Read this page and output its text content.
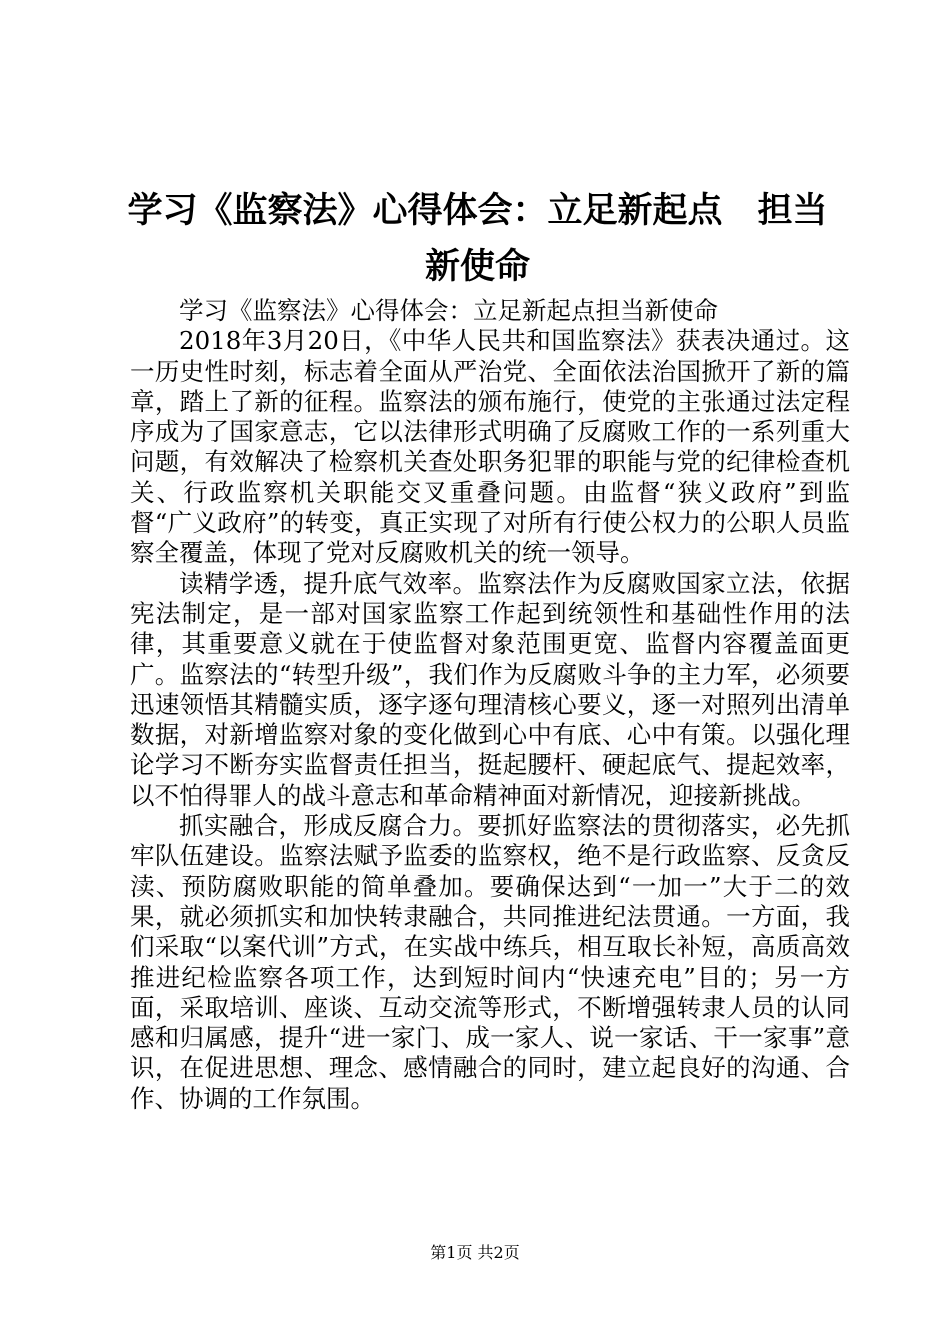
学习《监察法》心得体会：立足新起点　担当
新使命

学习《监察法》心得体会：立足新起点担当新使命

2018年3月20日，《中华人民共和国监察法》获表决通过。这一历史性时刻，标志着全面从严治党、全面依法治国掀开了新的篇章，踏上了新的征程。监察法的颁布施行，使党的主张通过法定程序成为了国家意志，它以法律形式明确了反腐败工作的一系列重大问题，有效解决了检察机关查处职务犯罪的职能与党的纪律检查机关、行政监察机关职能交叉重叠问题。由监督“狭义政府”到监督“广义政府”的转变，真正实现了对所有行使公权力的公职人员监察全覆盖，体现了党对反腐败机关的统一领导。

读精学透，提升底气效率。监察法作为反腐败国家立法，依据宪法制定，是一部对国家监察工作起到统领性和基础性作用的法律，其重要意义就在于使监督对象范围更宽、监督内容覆盖面更广。监察法的“转型升级”，我们作为反腐败斗争的主力军，必须要迅速领悟其精髓实质，逐字逐句理清核心要义，逐一对照列出清单数据，对新增监察对象的变化做到心中有底、心中有策。以强化理论学习不断夯实监督责任担当，挺起腰杆、硬起底气、提起效率，以不怕得罪人的战斗意志和革命精神面对新情况，迎接新挑战。

抓实融合，形成反腐合力。要抓好监察法的贯彻落实，必先抓牢队伍建设。监察法赋予监委的监察权，绝不是行政监察、反贪反渎、预防腐败职能的简单叠加。要确保达到“一加一”大于二的效果，就必须抓实和加快转隶融合，共同推进纪法贯通。一方面，我们采取“以案代训”方式，在实战中练兵，相互取长补短，高质高效推进纪检监察各项工作，达到短时间内“快速充电”目的；另一方面，采取培训、座谈、互动交流等形式，不断增强转隶人员的认同感和归属感，提升“进一家门、成一家人、说一家话、干一家事”意识，在促进思想、理念、感情融合的同时，建立起良好的沟通、合作、协调的工作氛围。

第1页 共2页
